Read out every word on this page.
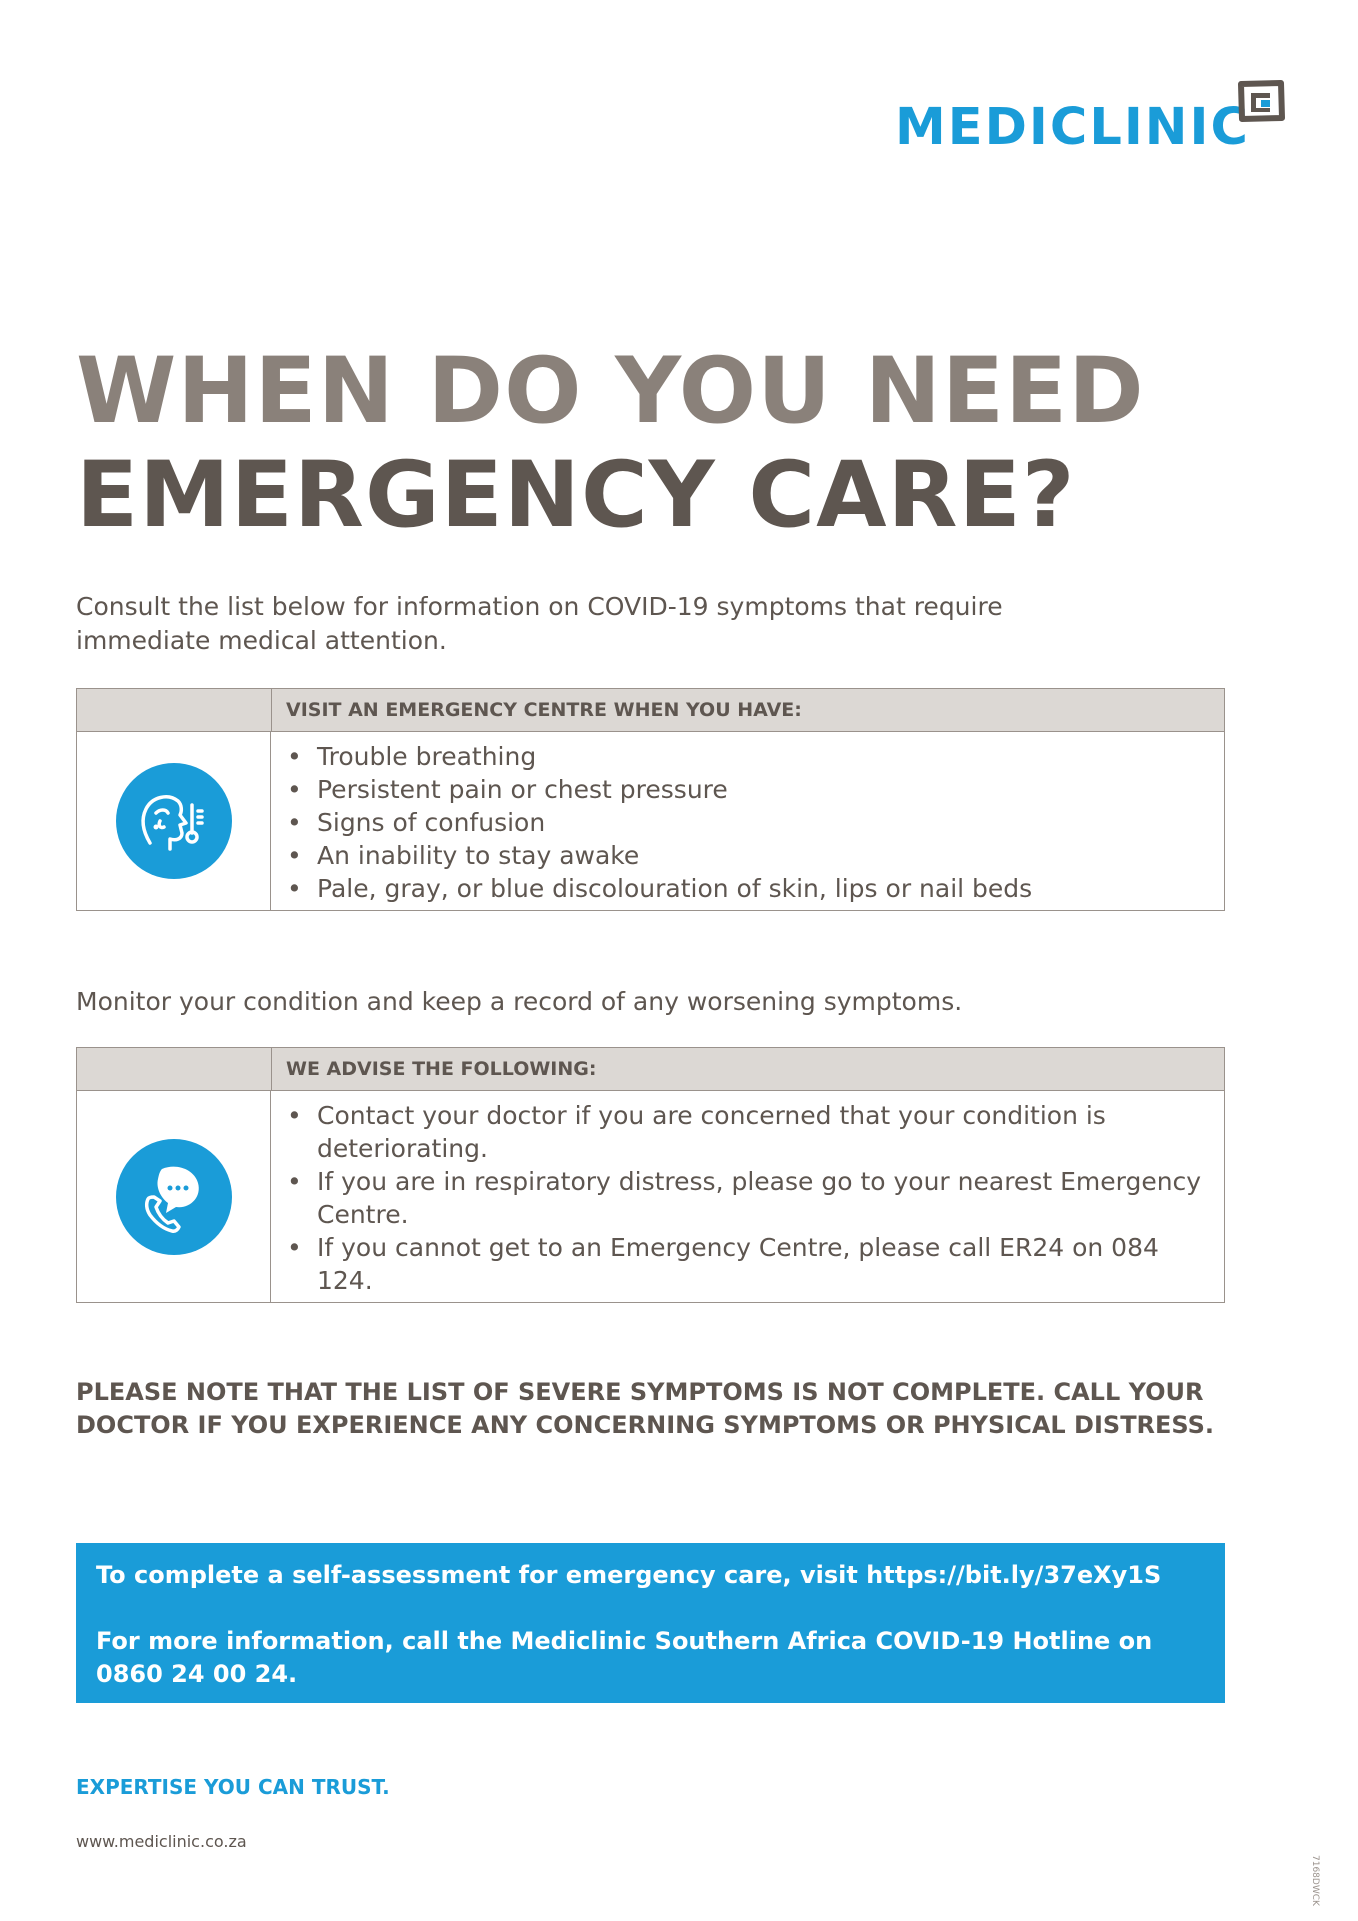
MEDICLINIC
WHEN DO YOU NEED
EMERGENCY CARE?

Consult the list below for information on COVID-19 symptoms that require immediate medical attention.

VISIT AN EMERGENCY CENTRE WHEN YOU HAVE:
• Trouble breathing
• Persistent pain or chest pressure
• Signs of confusion
• An inability to stay awake
• Pale, gray, or blue discolouration of skin, lips or nail beds

Monitor your condition and keep a record of any worsening symptoms.

WE ADVISE THE FOLLOWING:
• Contact your doctor if you are concerned that your condition is deteriorating.
• If you are in respiratory distress, please go to your nearest Emergency Centre.
• If you cannot get to an Emergency Centre, please call ER24 on 084 124.

PLEASE NOTE THAT THE LIST OF SEVERE SYMPTOMS IS NOT COMPLETE. CALL YOUR DOCTOR IF YOU EXPERIENCE ANY CONCERNING SYMPTOMS OR PHYSICAL DISTRESS.

To complete a self-assessment for emergency care, visit https://bit.ly/37eXy1S

For more information, call the Mediclinic Southern Africa COVID-19 Hotline on 0860 24 00 24.

EXPERTISE YOU CAN TRUST.

www.mediclinic.co.za

7168DWCK
